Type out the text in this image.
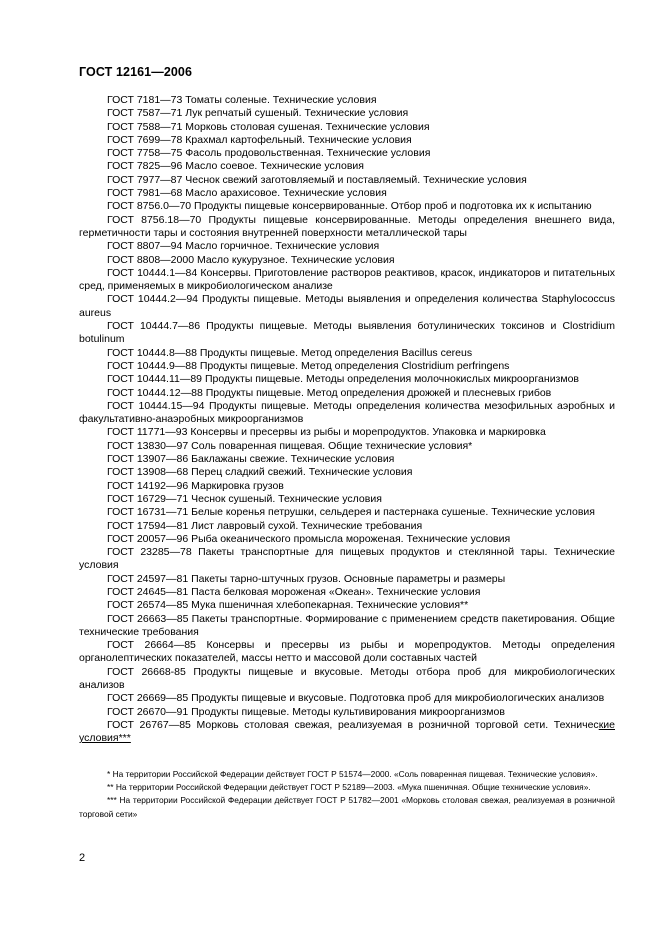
ГОСТ 12161—2006

ГОСТ 7181—73 Томаты соленые. Технические условия

ГОСТ 7587—71 Лук репчатый сушеный. Технические условия

ГОСТ 7588—71 Морковь столовая сушеная. Технические условия

ГОСТ 7699—78 Крахмал картофельный. Технические условия

ГОСТ 7758—75 Фасоль продовольственная. Технические условия

ГОСТ 7825—96 Масло соевое. Технические условия

ГОСТ 7977—87 Чеснок свежий заготовляемый и поставляемый. Технические условия

ГОСТ 7981—68 Масло арахисовое. Технические условия

ГОСТ 8756.0—70 Продукты пищевые консервированные. Отбор проб и подготовка их к испытанию

ГОСТ 8756.18—70 Продукты пищевые консервированные. Методы определения внешнего вида, герметичности тары и состояния внутренней поверхности металлической тары

ГОСТ 8807—94 Масло горчичное. Технические условия

ГОСТ 8808—2000 Масло кукурузное. Технические условия

ГОСТ 10444.1—84 Консервы. Приготовление растворов реактивов, красок, индикаторов и питательных сред, применяемых в микробиологическом анализе

ГОСТ 10444.2—94 Продукты пищевые. Методы выявления и определения количества Staphylococcus aureus

ГОСТ 10444.7—86 Продукты пищевые. Методы выявления ботулинических токсинов и Clostridium botulinum

ГОСТ 10444.8—88 Продукты пищевые. Метод определения Bacillus cereus

ГОСТ 10444.9—88 Продукты пищевые. Метод определения Clostridium perfringens

ГОСТ 10444.11—89 Продукты пищевые. Методы определения молочнокислых микроорганизмов

ГОСТ 10444.12—88 Продукты пищевые. Метод определения дрожжей и плесневых грибов

ГОСТ 10444.15—94 Продукты пищевые. Методы определения количества мезофильных аэробных и факультативно-анаэробных микроорганизмов

ГОСТ 11771—93 Консервы и пресервы из рыбы и морепродуктов. Упаковка и маркировка

ГОСТ 13830—97 Соль поваренная пищевая. Общие технические условия*

ГОСТ 13907—86 Баклажаны свежие. Технические условия

ГОСТ 13908—68 Перец сладкий свежий. Технические условия

ГОСТ 14192—96 Маркировка грузов

ГОСТ 16729—71 Чеснок сушеный. Технические условия

ГОСТ 16731—71 Белые коренья петрушки, сельдерея и пастернака сушеные. Технические условия

ГОСТ 17594—81 Лист лавровый сухой. Технические требования

ГОСТ 20057—96 Рыба океанического промысла мороженая. Технические условия

ГОСТ 23285—78 Пакеты транспортные для пищевых продуктов и стеклянной тары. Технические условия

ГОСТ 24597—81 Пакеты тарно-штучных грузов. Основные параметры и размеры

ГОСТ 24645—81 Паста белковая мороженая «Океан». Технические условия

ГОСТ 26574—85 Мука пшеничная хлебопекарная. Технические условия**

ГОСТ 26663—85 Пакеты транспортные. Формирование с применением средств пакетирования. Общие технические требования

ГОСТ 26664—85 Консервы и пресервы из рыбы и морепродуктов. Методы определения органолептических показателей, массы нетто и массовой доли составных частей

ГОСТ 26668-85 Продукты пищевые и вкусовые. Методы отбора проб для микробиологических анализов

ГОСТ 26669—85 Продукты пищевые и вкусовые. Подготовка проб для микробиологических анализов

ГОСТ 26670—91 Продукты пищевые. Методы культивирования микроорганизмов

ГОСТ 26767—85 Морковь столовая свежая, реализуемая в розничной торговой сети. Технические условия***

* На территории Российской Федерации действует ГОСТ Р 51574—2000. «Соль поваренная пищевая. Технические условия».

** На территории Российской Федерации действует ГОСТ Р 52189—2003. «Мука пшеничная. Общие технические условия».

*** На территории Российской Федерации действует ГОСТ Р 51782—2001 «Морковь столовая свежая, реализуемая в розничной торговой сети»

2
